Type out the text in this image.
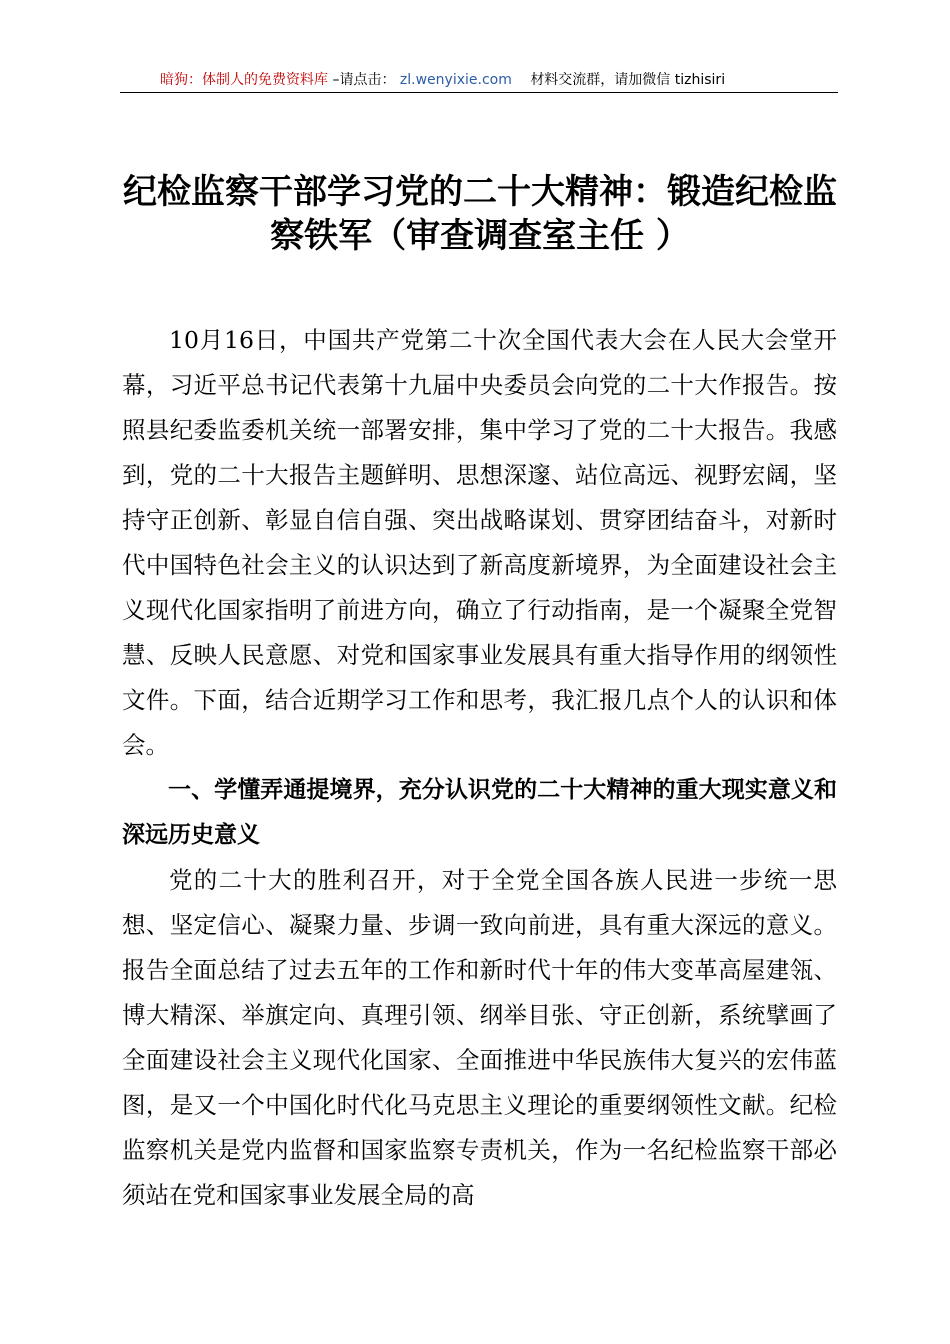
暗狗：体制人的免费资料库 –请点击： zl.wenyixie.com 材料交流群，请加微信 tizhisiri
纪检监察干部学习党的二十大精神：锻造纪检监察铁军（审查调查室主任 ）

10月16日，中国共产党第二十次全国代表大会在人民大会堂开幕，习近平总书记代表第十九届中央委员会向党的二十大作报告。按照县纪委监委机关统一部署安排，集中学习了党的二十大报告。我感到，党的二十大报告主题鲜明、思想深邃、站位高远、视野宏阔，坚持守正创新、彰显自信自强、突出战略谋划、贯穿团结奋斗，对新时代中国特色社会主义的认识达到了新高度新境界，为全面建设社会主义现代化国家指明了前进方向，确立了行动指南，是一个凝聚全党智慧、反映人民意愿、对党和国家事业发展具有重大指导作用的纲领性文件。下面，结合近期学习工作和思考，我汇报几点个人的认识和体会。

一、学懂弄通提境界，充分认识党的二十大精神的重大现实意义和深远历史意义

党的二十大的胜利召开，对于全党全国各族人民进一步统一思想、坚定信心、凝聚力量、步调一致向前进，具有重大深远的意义。报告全面总结了过去五年的工作和新时代十年的伟大变革高屋建瓴、博大精深、举旗定向、真理引领、纲举目张、守正创新，系统擘画了全面建设社会主义现代化国家、全面推进中华民族伟大复兴的宏伟蓝图，是又一个中国化时代化马克思主义理论的重要纲领性文献。纪检监察机关是党内监督和国家监察专责机关，作为一名纪检监察干部必须站在党和国家事业发展全局的高
